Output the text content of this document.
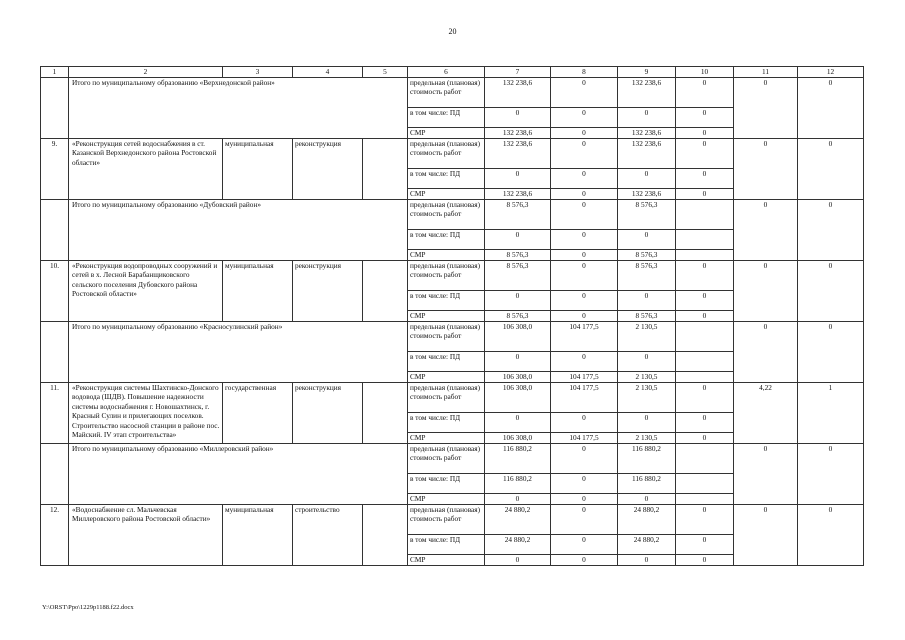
20
1	2	3	4	5	6	7	8	9	10	11	12
	Итого по муниципальному образованию «Верхнедонской район»				предельная (плановая) стоимость работ	132 238,6	0	132 238,6	0	0	0
					в том числе: ПД	0	0	0	0		
					СМР	132 238,6	0	132 238,6	0		
9.	«Реконструкция сетей водоснабжения в ст. Казанской Верхнедонского района Ростовской области»	муниципальная	реконструкция		предельная (плановая) стоимость работ	132 238,6	0	132 238,6	0	0	0
					в том числе: ПД	0	0	0	0		
					СМР	132 238,6	0	132 238,6	0		
	Итого по муниципальному образованию «Дубовский район»				предельная (плановая) стоимость работ	8 576,3	0	8 576,3		0	0
					в том числе: ПД	0	0	0			
					СМР	8 576,3	0	8 576,3			
10.	«Реконструкция водопроводных сооружений и сетей в х. Лесной Барабанщиковского сельского поселения Дубовского района Ростовской области»	муниципальная	реконструкция		предельная (плановая) стоимость работ	8 576,3	0	8 576,3	0	0	0
					в том числе: ПД	0	0	0	0		
					СМР	8 576,3	0	8 576,3	0		
	Итого по муниципальному образованию «Красносулинский район»				предельная (плановая) стоимость работ	106 308,0	104 177,5	2 130,5		0	0
					в том числе: ПД	0	0	0			
					СМР	106 308,0	104 177,5	2 130,5			
11.	«Реконструкция системы Шахтинско-Донского водовода (ШДВ). Повышение надежности системы водоснабжения г. Новошахтинск, г. Красный Сулин и прилегающих поселков. Строительство насосной станции в районе пос. Майский. IV этап строительства»	государственная	реконструкция		предельная (плановая) стоимость работ	106 308,0	104 177,5	2 130,5	0	4,22	1
					в том числе: ПД	0	0	0	0		
					СМР	106 308,0	104 177,5	2 130,5	0		
	Итого по муниципальному образованию «Миллеровский район»				предельная (плановая) стоимость работ	116 880,2	0	116 880,2		0	0
					в том числе: ПД	116 880,2	0	116 880,2			
					СМР	0	0	0			
12.	«Водоснабжение сл. Мальчевская Миллеровского района Ростовской области»	муниципальная	строительство		предельная (плановая) стоимость работ	24 880,2	0	24 880,2	0	0	0
					в том числе: ПД	24 880,2	0	24 880,2	0		
					СМР	0	0	0	0		
Y:\ORST\Ppo\1229p1188.f22.docx
